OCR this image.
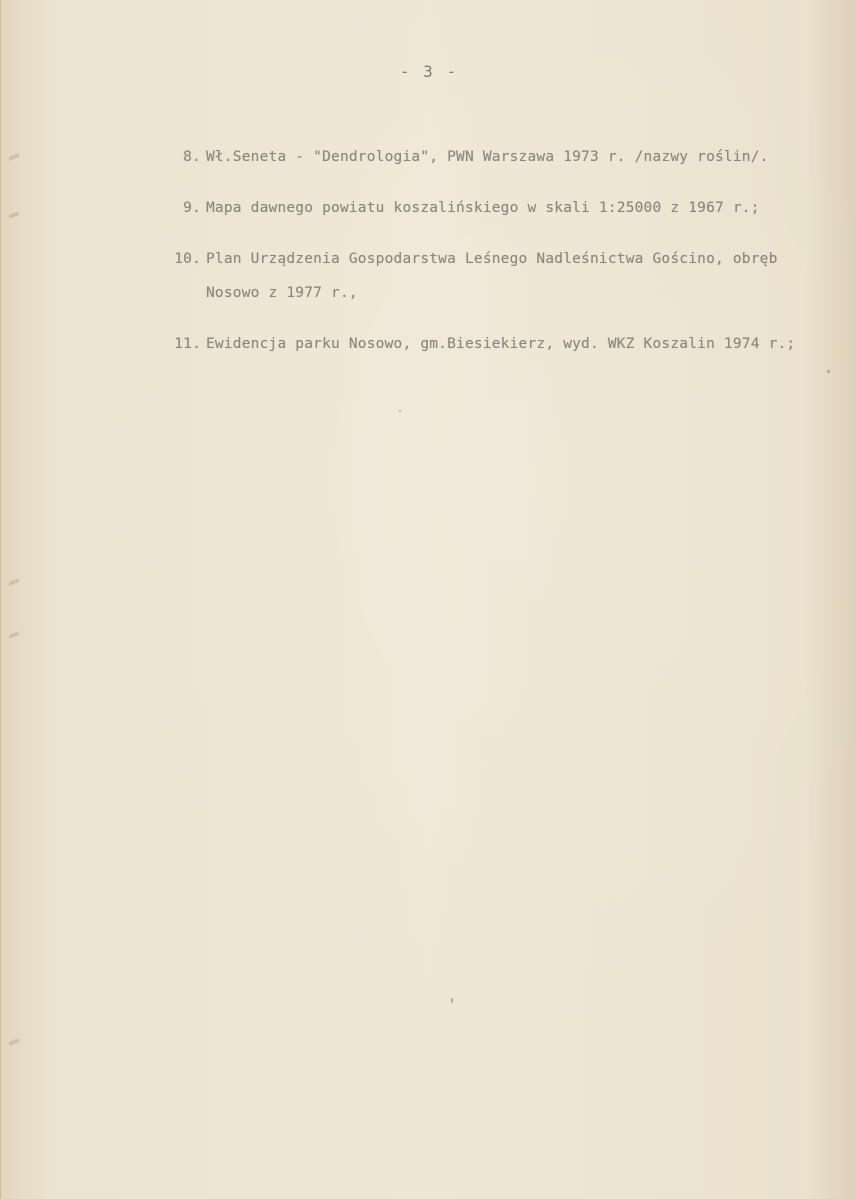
- 3 -
8. Wł.Seneta - "Dendrologia", PWN Warszawa 1973 r. /nazwy roślin/.
9. Mapa dawnego powiatu koszalińskiego w skali 1:25000 z 1967 r.;
10. Plan Urządzenia Gospodarstwa Leśnego Nadleśnictwa Gościno, obręb Nosowo z 1977 r.,
11. Ewidencja parku Nosowo, gm.Biesiekierz, wyd. WKZ Koszalin 1974 r.;
